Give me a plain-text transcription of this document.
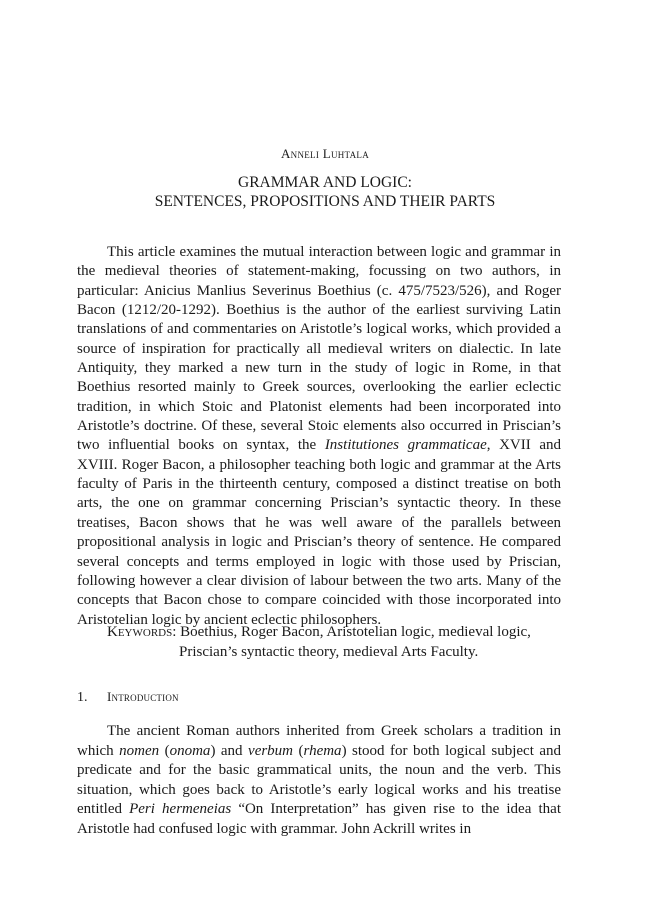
Anneli Luhtala
GRAMMAR AND LOGIC:
SENTENCES, PROPOSITIONS AND THEIR PARTS

This article examines the mutual interaction between logic and grammar in the medieval theories of statement-making, focussing on two authors, in particular: Anicius Manlius Severinus Boethius (c. 475/7523/526), and Roger Bacon (1212/20-1292). Boethius is the author of the earliest surviving Latin translations of and commentaries on Aristotle’s logical works, which provided a source of inspiration for practically all medieval writers on dialectic. In late Antiquity, they marked a new turn in the study of logic in Rome, in that Boethius resorted mainly to Greek sources, overlooking the earlier eclectic tradition, in which Stoic and Platonist elements had been incorporated into Aristotle’s doctrine. Of these, several Stoic elements also occurred in Priscian’s two influential books on syntax, the Institutiones grammaticae, XVII and XVIII. Roger Bacon, a philosopher teaching both logic and grammar at the Arts faculty of Paris in the thirteenth century, composed a distinct treatise on both arts, the one on grammar concerning Priscian’s syntactic theory. In these treatises, Bacon shows that he was well aware of the parallels between propositional analysis in logic and Priscian’s theory of sentence. He compared several concepts and terms employed in logic with those used by Priscian, following however a clear division of labour between the two arts. Many of the concepts that Bacon chose to compare coincided with those incorporated into Aristotelian logic by ancient eclectic philosophers.

Keywords: Boethius, Roger Bacon, Aristotelian logic, medieval logic, Priscian’s syntactic theory, medieval Arts Faculty.
1. Introduction

The ancient Roman authors inherited from Greek scholars a tradition in which nomen (onoma) and verbum (rhema) stood for both logical subject and predicate and for the basic grammatical units, the noun and the verb. This situation, which goes back to Aristotle’s early logical works and his treatise entitled Peri hermeneias “On Interpretation” has given rise to the idea that Aristotle had confused logic with grammar. John Ackrill writes in
